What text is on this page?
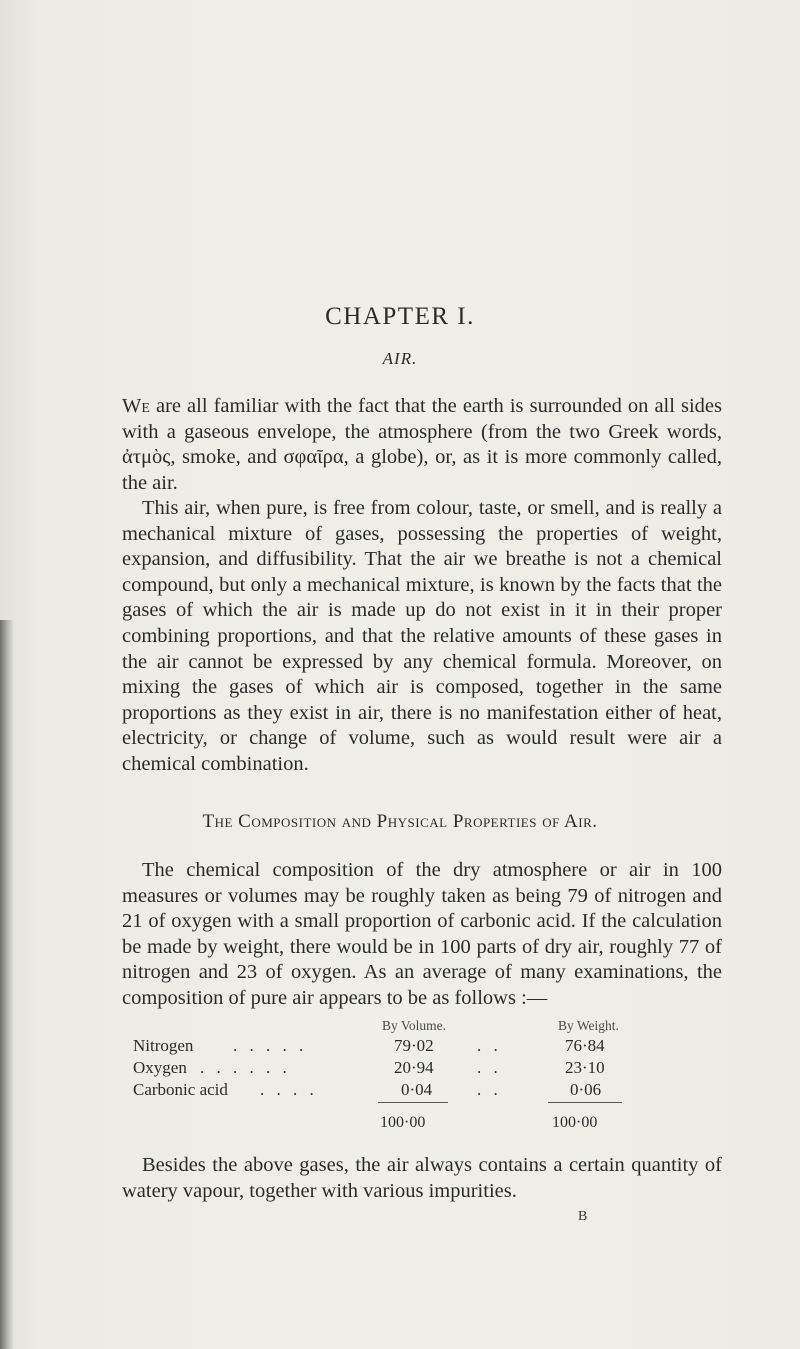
CHAPTER I.
AIR.

We are all familiar with the fact that the earth is surrounded on all sides with a gaseous envelope, the atmosphere (from the two Greek words, ἀτμὸς, smoke, and σφαῖρα, a globe), or, as it is more commonly called, the air.

This air, when pure, is free from colour, taste, or smell, and is really a mechanical mixture of gases, possessing the properties of weight, expansion, and diffusibility. That the air we breathe is not a chemical compound, but only a mechanical mixture, is known by the facts that the gases of which the air is made up do not exist in it in their proper combining proportions, and that the relative amounts of these gases in the air cannot be expressed by any chemical formula. Moreover, on mixing the gases of which air is composed, together in the same proportions as they exist in air, there is no manifestation either of heat, electricity, or change of volume, such as would result were air a chemical combination.

The Composition and Physical Properties of Air.

The chemical composition of the dry atmosphere or air in 100 measures or volumes may be roughly taken as being 79 of nitrogen and 21 of oxygen with a small proportion of carbonic acid. If the calculation be made by weight, there would be in 100 parts of dry air, roughly 77 of nitrogen and 23 of oxygen. As an average of many examinations, the composition of pure air appears to be as follows :—

By Volume.	By Weight.
Nitrogen . . . . .	79·02	. .	76·84
Oxygen . . . . . .	20·94	. .	23·10
Carbonic acid . . . .	0·04	. .	0·06
100·00	100·00

Besides the above gases, the air always contains a certain quantity of watery vapour, together with various impurities.

B
